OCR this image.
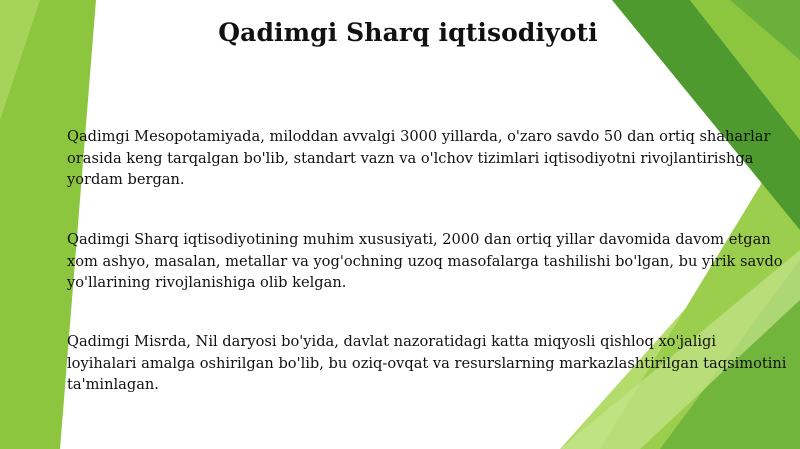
Qadimgi Sharq iqtisodiyoti
Qadimgi Mesopotamiyada, miloddan avvalgi 3000 yillarda, o'zaro savdo 50 dan ortiq shaharlar orasida keng tarqalgan bo'lib, standart vazn va o'lchov tizimlari iqtisodiyotni rivojlantirishga yordam bergan.
Qadimgi Sharq iqtisodiyotining muhim xususiyati, 2000 dan ortiq yillar davomida davom etgan xom ashyo, masalan, metallar va yog'ochning uzoq masofalarga tashilishi bo'lgan, bu yirik savdo yo'llarining rivojlanishiga olib kelgan.
Qadimgi Misrda, Nil daryosi bo'yida, davlat nazoratidagi katta miqyosli qishloq xo'jaligi loyihalari amalga oshirilgan bo'lib, bu oziq-ovqat va resurslarning markazlashtirilgan taqsimotini ta'minlagan.
